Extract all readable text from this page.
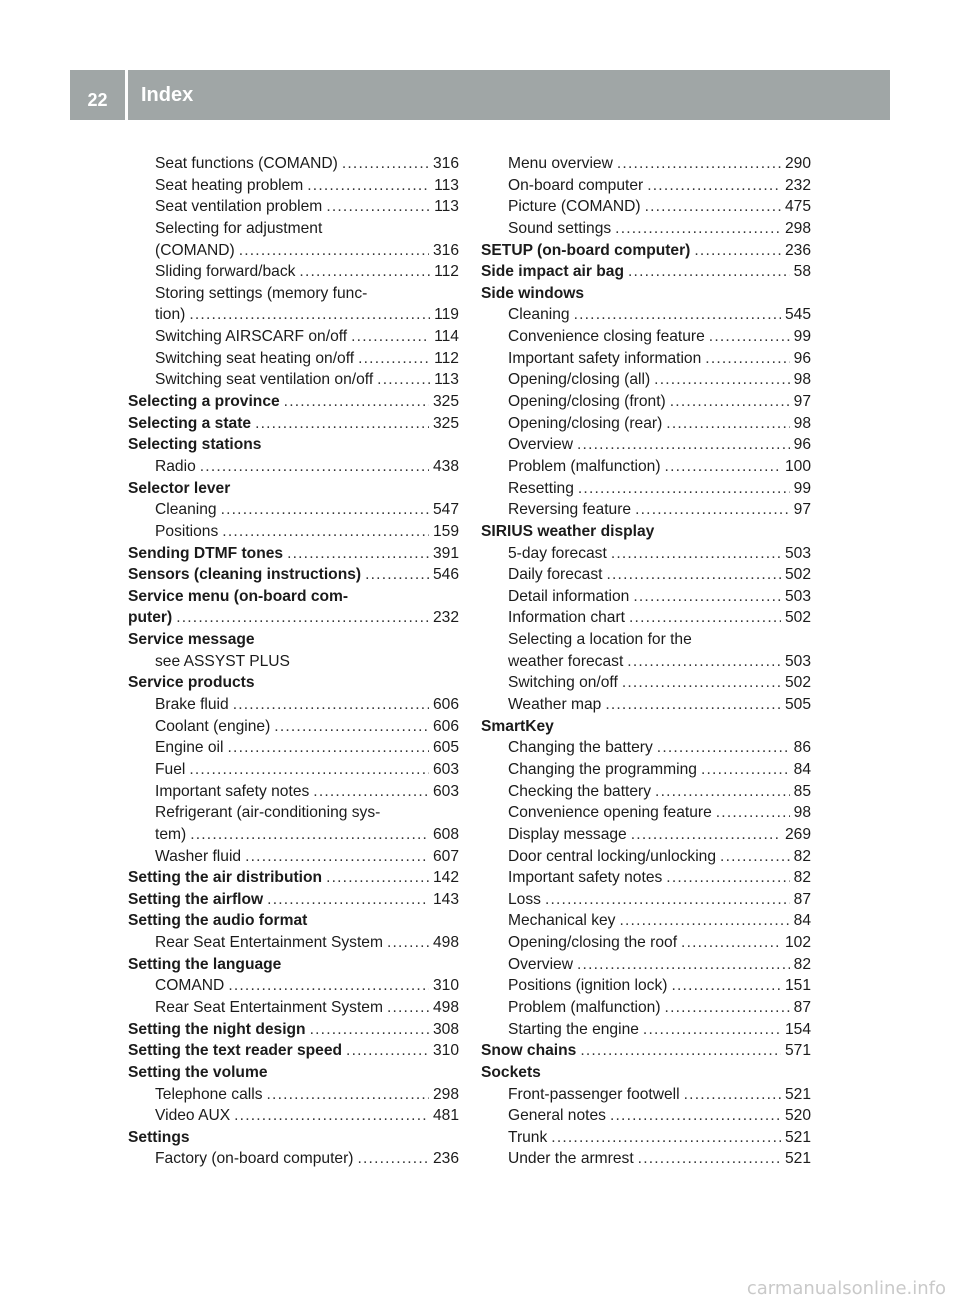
22	Index
Seat functions (COMAND) .....	316
Seat heating problem .....	113
Seat ventilation problem .....	113
Selecting for adjustment
(COMAND) .....	316
Sliding forward/back .....	112
Storing settings (memory func-
tion) .....	119
Switching AIRSCARF on/off .....	114
Switching seat heating on/off .....	112
Switching seat ventilation on/off .....	113
Selecting a province .....	325
Selecting a state .....	325
Selecting stations
Radio .....	438
Selector lever
Cleaning .....	547
Positions .....	159
Sending DTMF tones .....	391
Sensors (cleaning instructions) .....	546
Service menu (on-board com-
puter) .....	232
Service message
see ASSYST PLUS
Service products
Brake fluid .....	606
Coolant (engine) .....	606
Engine oil .....	605
Fuel .....	603
Important safety notes .....	603
Refrigerant (air-conditioning sys-
tem) .....	608
Washer fluid .....	607
Setting the air distribution .....	142
Setting the airflow .....	143
Setting the audio format
Rear Seat Entertainment System .....	498
Setting the language
COMAND .....	310
Rear Seat Entertainment System .....	498
Setting the night design .....	308
Setting the text reader speed .....	310
Setting the volume
Telephone calls .....	298
Video AUX .....	481
Settings
Factory (on-board computer) .....	236
Menu overview .....	290
On-board computer .....	232
Picture (COMAND) .....	475
Sound settings .....	298
SETUP (on-board computer) .....	236
Side impact air bag .....	58
Side windows
Cleaning .....	545
Convenience closing feature .....	99
Important safety information .....	96
Opening/closing (all) .....	98
Opening/closing (front) .....	97
Opening/closing (rear) .....	98
Overview .....	96
Problem (malfunction) .....	100
Resetting .....	99
Reversing feature .....	97
SIRIUS weather display
5-day forecast .....	503
Daily forecast .....	502
Detail information .....	503
Information chart .....	502
Selecting a location for the
weather forecast .....	503
Switching on/off .....	502
Weather map .....	505
SmartKey
Changing the battery .....	86
Changing the programming .....	84
Checking the battery .....	85
Convenience opening feature .....	98
Display message .....	269
Door central locking/unlocking .....	82
Important safety notes .....	82
Loss .....	87
Mechanical key .....	84
Opening/closing the roof .....	102
Overview .....	82
Positions (ignition lock) .....	151
Problem (malfunction) .....	87
Starting the engine .....	154
Snow chains .....	571
Sockets
Front-passenger footwell .....	521
General notes .....	520
Trunk .....	521
Under the armrest .....	521
carmanualsonline.info
